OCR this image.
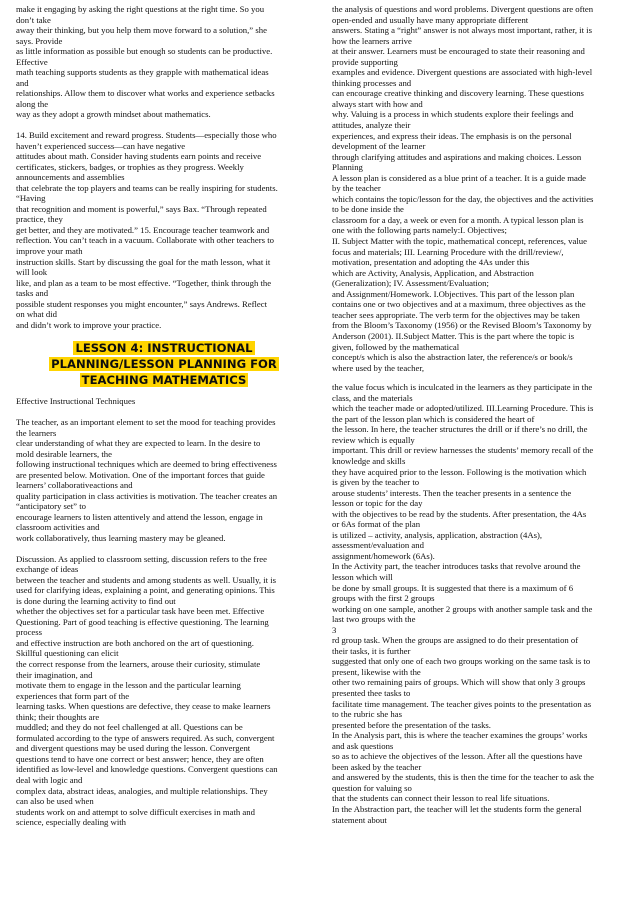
make it engaging by asking the right questions at the right time. So you
don’t take
away their thinking, but you help them move forward to a solution,” she
says. Provide
as little information as possible but enough so students can be productive.
Effective
math teaching supports students as they grapple with mathematical ideas
and
relationships. Allow them to discover what works and experience setbacks
along the
way as they adopt a growth mindset about mathematics.

14. Build excitement and reward progress. Students—especially those who
haven’t experienced success—can have negative
attitudes about math. Consider having students earn points and receive
certificates, stickers, badges, or trophies as they progress. Weekly
announcements and assemblies
that celebrate the top players and teams can be really inspiring for students.
“Having
that recognition and moment is powerful,” says Bax. “Through repeated
practice, they
get better, and they are motivated.” 15. Encourage teacher teamwork and
reflection. You can’t teach in a vacuum. Collaborate with other teachers to
improve your math
instruction skills. Start by discussing the goal for the math lesson, what it
will look
like, and plan as a team to be most effective. “Together, think through the
tasks and
possible student responses you might encounter,” says Andrews. Reflect
on what did
and didn’t work to improve your practice.

LESSON 4: INSTRUCTIONAL PLANNING/LESSON PLANNING FOR TEACHING MATHEMATICS

Effective Instructional Techniques

The teacher, as an important element to set the mood for teaching provides
the learners
clear understanding of what they are expected to learn. In the desire to
mold desirable learners, the
following instructional techniques which are deemed to bring effectiveness
are presented below. Motivation. One of the important forces that guide
learners’ collaborativeactions and
quality participation in class activities is motivation. The teacher creates an
“anticipatory set” to
encourage learners to listen attentively and attend the lesson, engage in
classroom activities and
work collaboratively, thus learning mastery may be gleaned.

Discussion. As applied to classroom setting, discussion refers to the free
exchange of ideas
between the teacher and students and among students as well. Usually, it is
used for clarifying ideas, explaining a point, and generating opinions. This
is done during the learning activity to find out
whether the objectives set for a particular task have been met. Effective
Questioning. Part of good teaching is effective questioning. The learning
process
and effective instruction are both anchored on the art of questioning.
Skillful questioning can elicit
the correct response from the learners, arouse their curiosity, stimulate
their imagination, and
motivate them to engage in the lesson and the particular learning
experiences that form part of the
learning tasks. When questions are defective, they cease to make learners
think; their thoughts are
muddled; and they do not feel challenged at all. Questions can be
formulated according to the type of answers required. As such, convergent
and divergent questions may be used during the lesson. Convergent
questions tend to have one correct or best answer; hence, they are often
identified as low-level and knowledge questions. Convergent questions can
deal with logic and
complex data, abstract ideas, analogies, and multiple relationships. They
can also be used when
students work on and attempt to solve difficult exercises in math and
science, especially dealing with

the analysis of questions and word problems. Divergent questions are often
open-ended and usually have many appropriate different
answers. Stating a “right” answer is not always most important, rather, it is
how the learners arrive
at their answer. Learners must be encouraged to state their reasoning and
provide supporting
examples and evidence. Divergent questions are associated with high-level
thinking processes and
can encourage creative thinking and discovery learning. These questions
always start with how and
why. Valuing is a process in which students explore their feelings and
attitudes, analyze their
experiences, and express their ideas. The emphasis is on the personal
development of the learner
through clarifying attitudes and aspirations and making choices. Lesson
Planning
A lesson plan is considered as a blue print of a teacher. It is a guide made
by the teacher
which contains the topic/lesson for the day, the objectives and the activities
to be done inside the
classroom for a day, a week or even for a month. A typical lesson plan is
one with the following parts namely:I. Objectives;
II. Subject Matter with the topic, mathematical concept, references, value
focus and materials; III. Learning Procedure with the drill/review/,
motivation, presentation and adopting the 4As under this
which are Activity, Analysis, Application, and Abstraction
(Generalization); IV. Assessment/Evaluation;
and Assignment/Homework. I.Objectives. This part of the lesson plan
contains one or two objectives and at a maximum, three objectives as the
teacher sees appropriate. The verb term for the objectives may be taken
from the Bloom’s Taxonomy (1956) or the Revised Bloom’s Taxonomy by
Anderson (2001). II.Subject Matter. This is the part where the topic is
given, followed by the mathematical
concept/s which is also the abstraction later, the reference/s or book/s
where used by the teacher,

the value focus which is inculcated in the learners as they participate in the
class, and the materials
which the teacher made or adopted/utilized. III.Learning Procedure. This is
the part of the lesson plan which is considered the heart of
the lesson. In here, the teacher structures the drill or if there’s no drill, the
review which is equally
important. This drill or review harnesses the students’ memory recall of the
knowledge and skills
they have acquired prior to the lesson. Following is the motivation which
is given by the teacher to
arouse students’ interests. Then the teacher presents in a sentence the
lesson or topic for the day
with the objectives to be read by the students. After presentation, the 4As
or 6As format of the plan
is utilized – activity, analysis, application, abstraction (4As),
assessment/evaluation and
assignment/homework (6As).
In the Activity part, the teacher introduces tasks that revolve around the
lesson which will
be done by small groups. It is suggested that there is a maximum of 6
groups with the first 2 groups
working on one sample, another 2 groups with another sample task and the
last two groups with the
3
rd group task. When the groups are assigned to do their presentation of
their tasks, it is further
suggested that only one of each two groups working on the same task is to
present, likewise with the
other two remaining pairs of groups. Which will show that only 3 groups
presented thee tasks to
facilitate time management. The teacher gives points to the presentation as
to the rubric she has
presented before the presentation of the tasks.
In the Analysis part, this is where the teacher examines the groups’ works
and ask questions
so as to achieve the objectives of the lesson. After all the questions have
been asked by the teacher
and answered by the students, this is then the time for the teacher to ask the
question for valuing so
that the students can connect their lesson to real life situations.
In the Abstraction part, the teacher will let the students form the general
statement about
